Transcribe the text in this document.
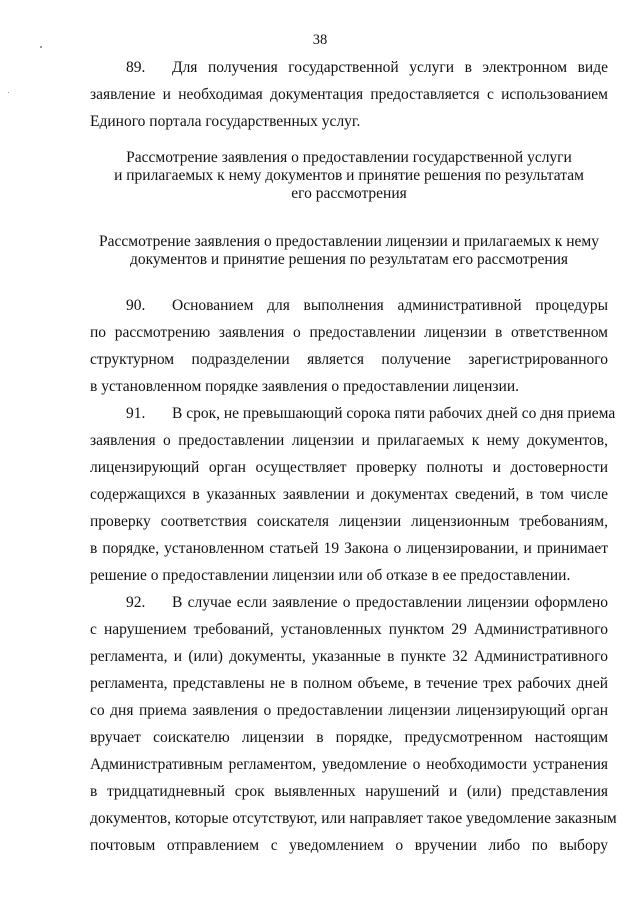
38
89. Для получения государственной услуги в электронном виде
заявление и необходимая документация предоставляется с использованием
Единого портала государственных услуг.
Рассмотрение заявления о предоставлении государственной услуги
и прилагаемых к нему документов и принятие решения по результатам
его рассмотрения
Рассмотрение заявления о предоставлении лицензии и прилагаемых к нему
документов и принятие решения по результатам его рассмотрения
90. Основанием для выполнения административной процедуры
по рассмотрению заявления о предоставлении лицензии в ответственном
структурном подразделении является получение зарегистрированного
в установленном порядке заявления о предоставлении лицензии.
91. В срок, не превышающий сорока пяти рабочих дней со дня приема
заявления о предоставлении лицензии и прилагаемых к нему документов,
лицензирующий орган осуществляет проверку полноты и достоверности
содержащихся в указанных заявлении и документах сведений, в том числе
проверку соответствия соискателя лицензии лицензионным требованиям,
в порядке, установленном статьей 19 Закона о лицензировании, и принимает
решение о предоставлении лицензии или об отказе в ее предоставлении.
92. В случае если заявление о предоставлении лицензии оформлено
с нарушением требований, установленных пунктом 29 Административного
регламента, и (или) документы, указанные в пункте 32 Административного
регламента, представлены не в полном объеме, в течение трех рабочих дней
со дня приема заявления о предоставлении лицензии лицензирующий орган
вручает соискателю лицензии в порядке, предусмотренном настоящим
Административным регламентом, уведомление о необходимости устранения
в тридцатидневный срок выявленных нарушений и (или) представления
документов, которые отсутствуют, или направляет такое уведомление заказным
почтовым отправлением с уведомлением о вручении либо по выбору
